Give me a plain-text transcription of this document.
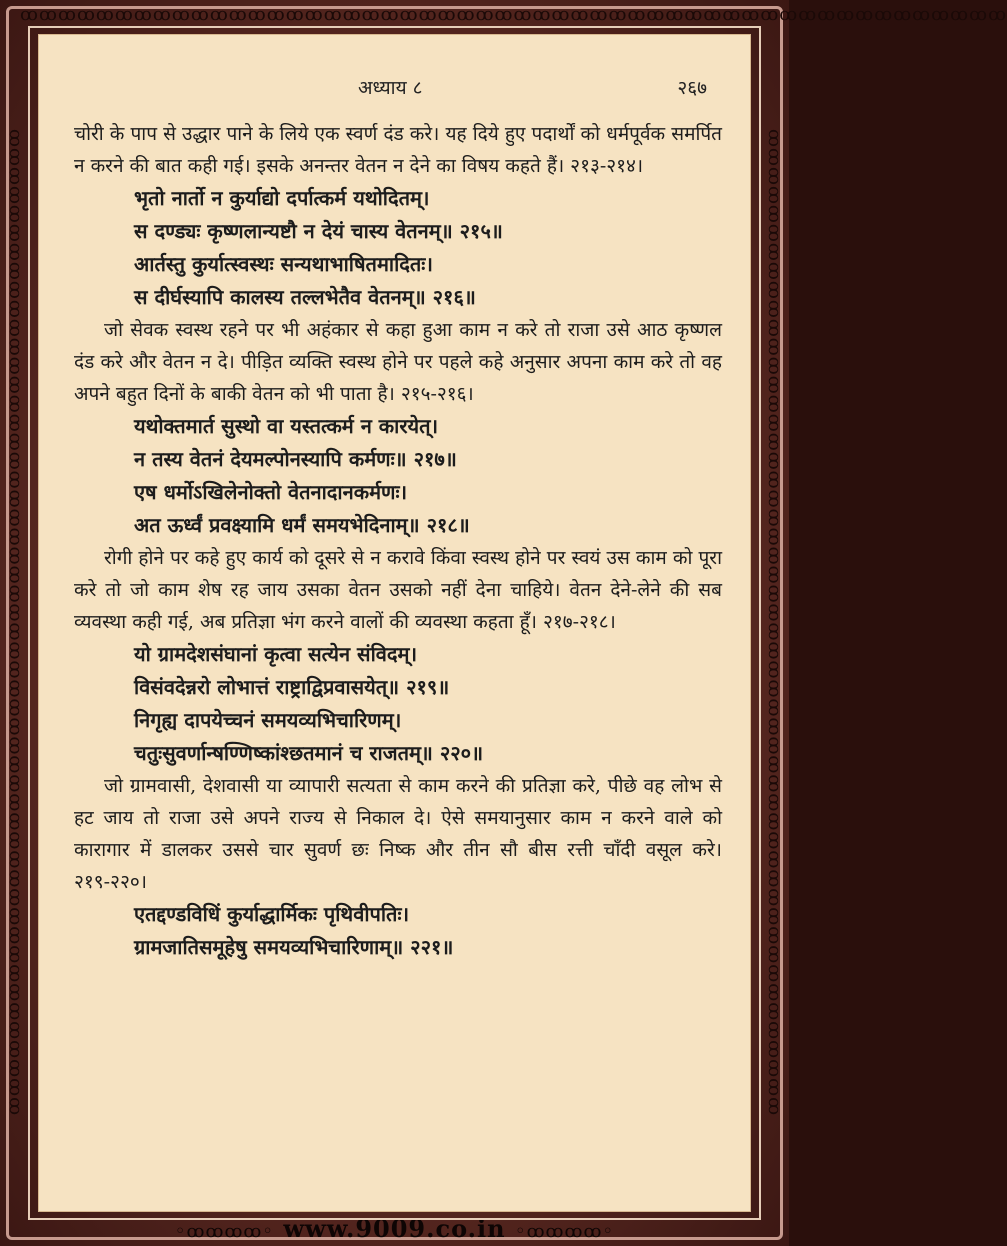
ꝏꝏꝏꝏꝏꝏꝏꝏꝏꝏꝏꝏꝏꝏꝏꝏꝏꝏꝏꝏꝏꝏꝏꝏꝏꝏꝏꝏꝏꝏꝏꝏꝏꝏꝏꝏꝏꝏꝏꝏꝏꝏꝏꝏꝏꝏꝏꝏꝏꝏꝏꝏ
ꝏꝏꝏꝏꝏꝏꝏꝏꝏꝏꝏꝏꝏꝏꝏꝏꝏꝏꝏꝏꝏꝏꝏꝏꝏꝏꝏꝏꝏꝏꝏꝏꝏꝏꝏꝏꝏꝏꝏꝏꝏꝏꝏꝏꝏꝏꝏꝏꝏꝏꝏꝏ	ꝏꝏꝏꝏꝏꝏꝏꝏꝏꝏꝏꝏꝏꝏꝏꝏꝏꝏꝏꝏꝏꝏꝏꝏꝏꝏꝏꝏꝏꝏꝏꝏꝏꝏꝏꝏꝏꝏꝏꝏꝏꝏꝏꝏꝏꝏꝏꝏꝏꝏꝏꝏ
अध्याय ८	२६७

चोरी के पाप से उद्धार पाने के लिये एक स्वर्ण दंड करे। यह दिये हुए पदार्थों को धर्मपूर्वक समर्पित न करने की बात कही गई। इसके अनन्तर वेतन न देने का विषय कहते हैं। २१३-२१४।

भृतो नार्तो न कुर्याद्यो दर्पात्कर्म यथोदितम्।

स दण्ड्यः कृष्णलान्यष्टौ न देयं चास्य वेतनम्॥ २१५॥

आर्तस्तु कुर्यात्स्वस्थः सन्यथाभाषितमादितः।

स दीर्घस्यापि कालस्य तल्लभेतैव वेतनम्॥ २१६॥

जो सेवक स्वस्थ रहने पर भी अहंकार से कहा हुआ काम न करे तो राजा उसे आठ कृष्णल दंड करे और वेतन न दे। पीड़ित व्यक्ति स्वस्थ होने पर पहले कहे अनुसार अपना काम करे तो वह अपने बहुत दिनों के बाकी वेतन को भी पाता है। २१५-२१६।

यथोक्तमार्त सुस्थो वा यस्तत्कर्म न कारयेत्।

न तस्य वेतनं देयमल्पोनस्यापि कर्मणः॥ २१७॥

एष धर्मोऽखिलेनोक्तो वेतनादानकर्मणः।

अत ऊर्ध्वं प्रवक्ष्यामि धर्मं समयभेदिनाम्॥ २१८॥

रोगी होने पर कहे हुए कार्य को दूसरे से न करावे किंवा स्वस्थ होने पर स्वयं उस काम को पूरा करे तो जो काम शेष रह जाय उसका वेतन उसको नहीं देना चाहिये। वेतन देने-लेने की सब व्यवस्था कही गई, अब प्रतिज्ञा भंग करने वालों की व्यवस्था कहता हूँ। २१७-२१८।

यो ग्रामदेशसंघानां कृत्वा सत्येन संविदम्।

विसंवदेन्नरो लोभात्तं राष्ट्राद्विप्रवासयेत्॥ २१९॥

निगृह्य दापयेच्चनं समयव्यभिचारिणम्।

चतुःसुवर्णान्षण्णिष्कांश्छतमानं च राजतम्॥ २२०॥

जो ग्रामवासी, देशवासी या व्यापारी सत्यता से काम करने की प्रतिज्ञा करे, पीछे वह लोभ से हट जाय तो राजा उसे अपने राज्य से निकाल दे। ऐसे समयानुसार काम न करने वाले को कारागार में डालकर उससे चार सुवर्ण छः निष्क और तीन सौ बीस रत्ती चाँदी वसूल करे। २१९-२२०।

एतद्दण्डविधिं कुर्याद्धार्मिकः पृथिवीपतिः।

ग्रामजातिसमूहेषु समयव्यभिचारिणाम्॥ २२१॥

◦ꝏꝏꝏꝏ◦ www.9009.co.in ◦ꝏꝏꝏꝏ◦
